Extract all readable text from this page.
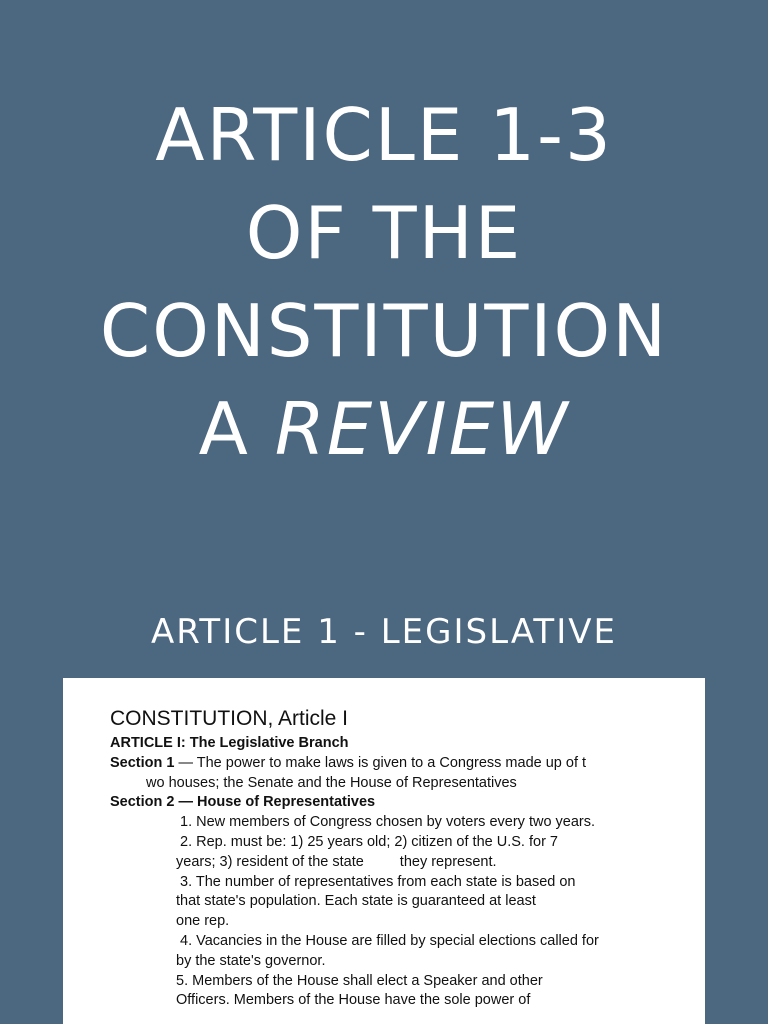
ARTICLE 1-3
OF THE
CONSTITUTION
A REVIEW
ARTICLE 1 - LEGISLATIVE
CONSTITUTION, Article I
ARTICLE I: The Legislative Branch
Section 1 — The power to make laws is given to a Congress made up of t
wo houses; the Senate and the House of Representatives
Section 2 — House of Representatives
1. New members of Congress chosen by voters every two years.
2. Rep. must be: 1) 25 years old; 2) citizen of the U.S. for 7
years; 3) resident of the state they represent.
3. The number of representatives from each state is based on
that state's population. Each state is guaranteed at least
one rep.
4. Vacancies in the House are filled by special elections called for
by the state's governor.
5. Members of the House shall elect a Speaker and other
Officers. Members of the House have the sole power of
